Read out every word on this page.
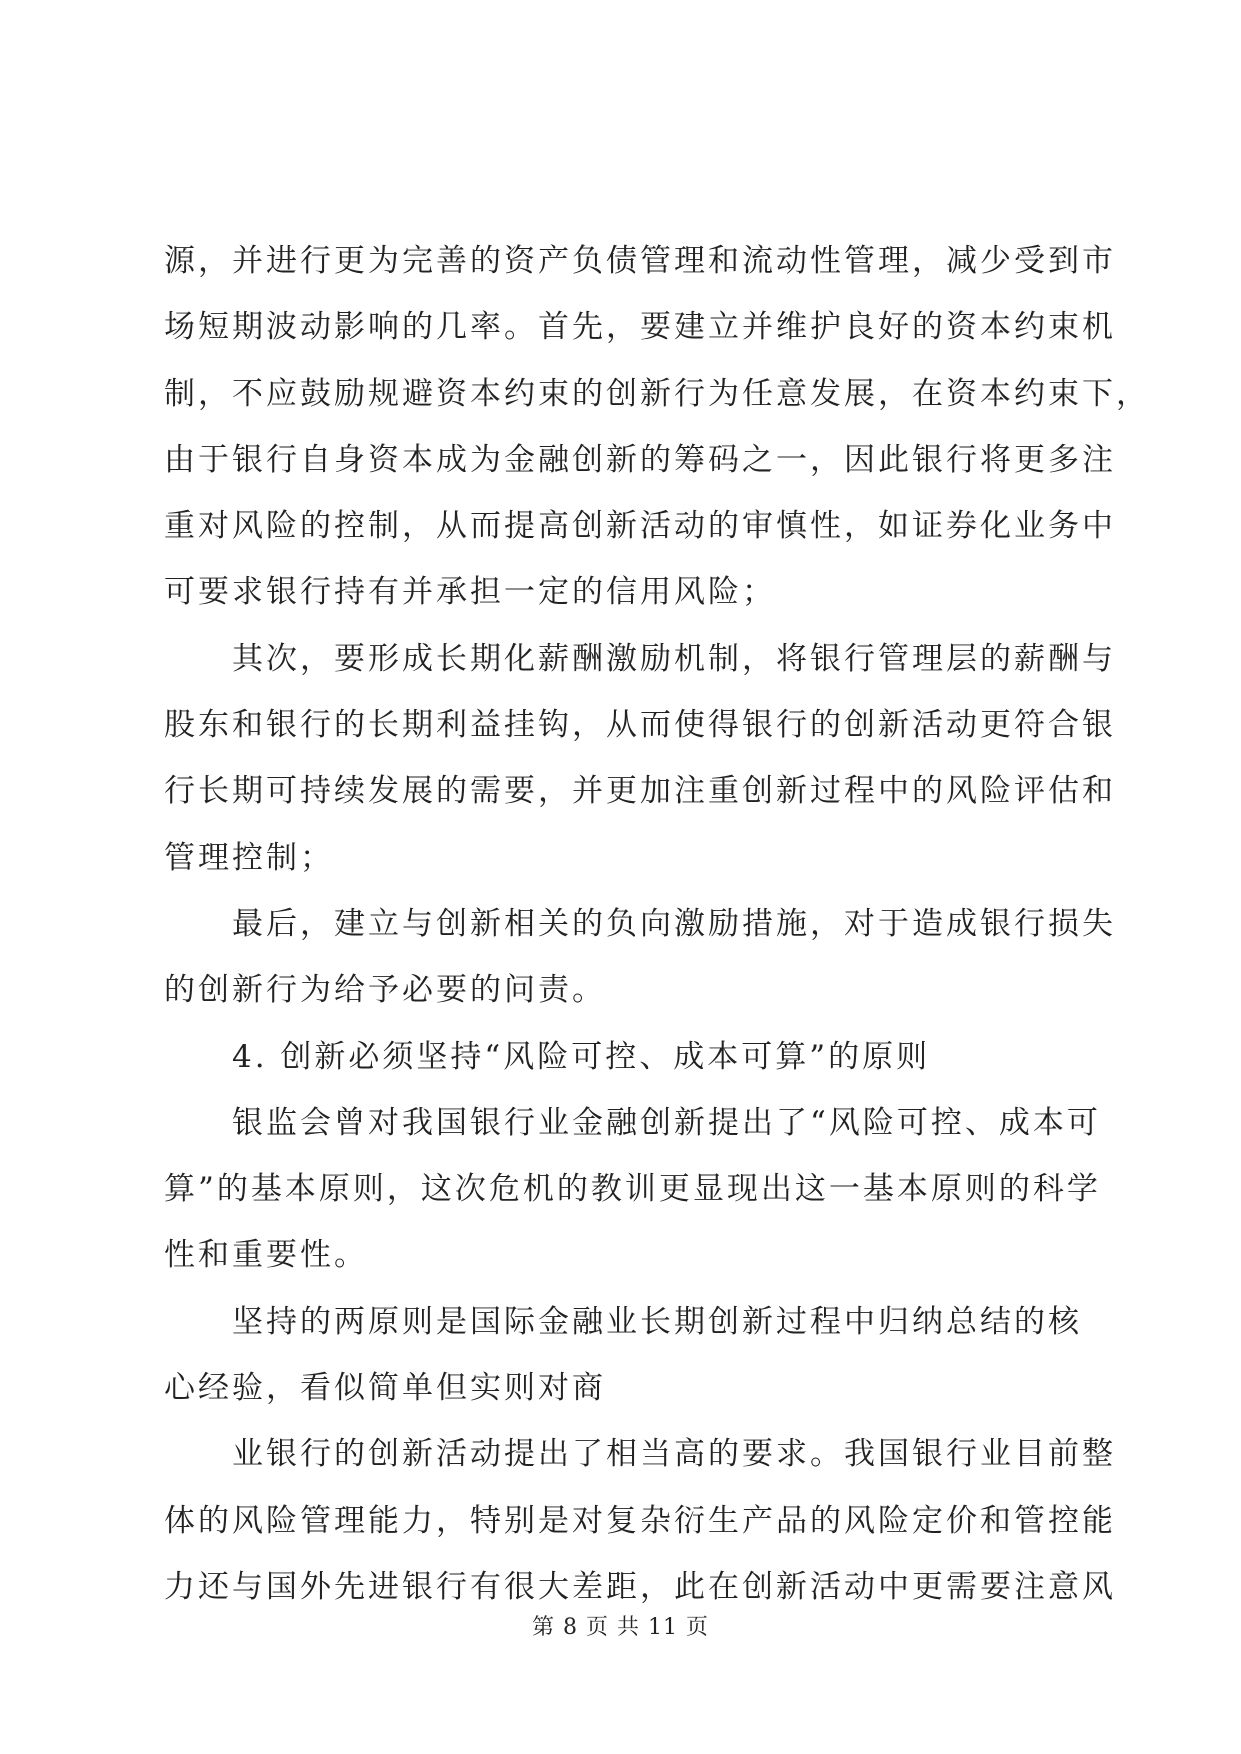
源 ， 并 进 行 更 为 完 善 的 资 产 负 债 管 理 和 流 动 性 管 理 ， 减 少 受 到 市
场 短 期 波 动 影 响 的 几 率 。 首 先 ， 要 建 立 并 维 护 良 好 的 资 本 约 束 机
制 ， 不 应 鼓 励 规 避 资 本 约 束 的 创 新 行 为 任 意 发 展 ， 在 资 本 约 束 下 ，
由 于 银 行 自 身 资 本 成 为 金 融 创 新 的 筹 码 之 一 ， 因 此 银 行 将 更 多 注
重 对 风 险 的 控 制 ， 从 而 提 高 创 新 活 动 的 审 慎 性 ， 如 证 券 化 业 务 中
可要求银行持有并承担一定的信用风险；
其 次 ， 要 形 成 长 期 化 薪 酬 激 励 机 制 ， 将 银 行 管 理 层 的 薪 酬 与
股 东 和 银 行 的 长 期 利 益 挂 钩 ， 从 而 使 得 银 行 的 创 新 活 动 更 符 合 银
行 长 期 可 持 续 发 展 的 需 要 ， 并 更 加 注 重 创 新 过 程 中 的 风 险 评 估 和
管理控制；
最 后 ， 建 立 与 创 新 相 关 的 负 向 激 励 措 施 ， 对 于 造 成 银 行 损 失
的创新行为给予必要的问责。
4. 创新必须坚持“风险可控、成本可算”的原则
银 监 会 曾 对 我 国 银 行 业 金 融 创 新 提 出 了 “ 风 险 可 控 、 成 本 可
算 ” 的 基 本 原 则 ， 这 次 危 机 的 教 训 更 显 现 出 这 一 基 本 原 则 的 科 学
性和重要性。
坚 持 的 两 原 则 是 国 际 金 融 业 长 期 创 新 过 程 中 归 纳 总 结 的 核
心经验，看似简单但实则对商
业 银 行 的 创 新 活 动 提 出 了 相 当 高 的 要 求 。 我 国 银 行 业 目 前 整
体 的 风 险 管 理 能 力 ， 特 别 是 对 复 杂 衍 生 产 品 的 风 险 定 价 和 管 控 能
力 还 与 国 外 先 进 银 行 有 很 大 差 距 ， 此 在 创 新 活 动 中 更 需 要 注 意 风
第 8 页 共 11 页
